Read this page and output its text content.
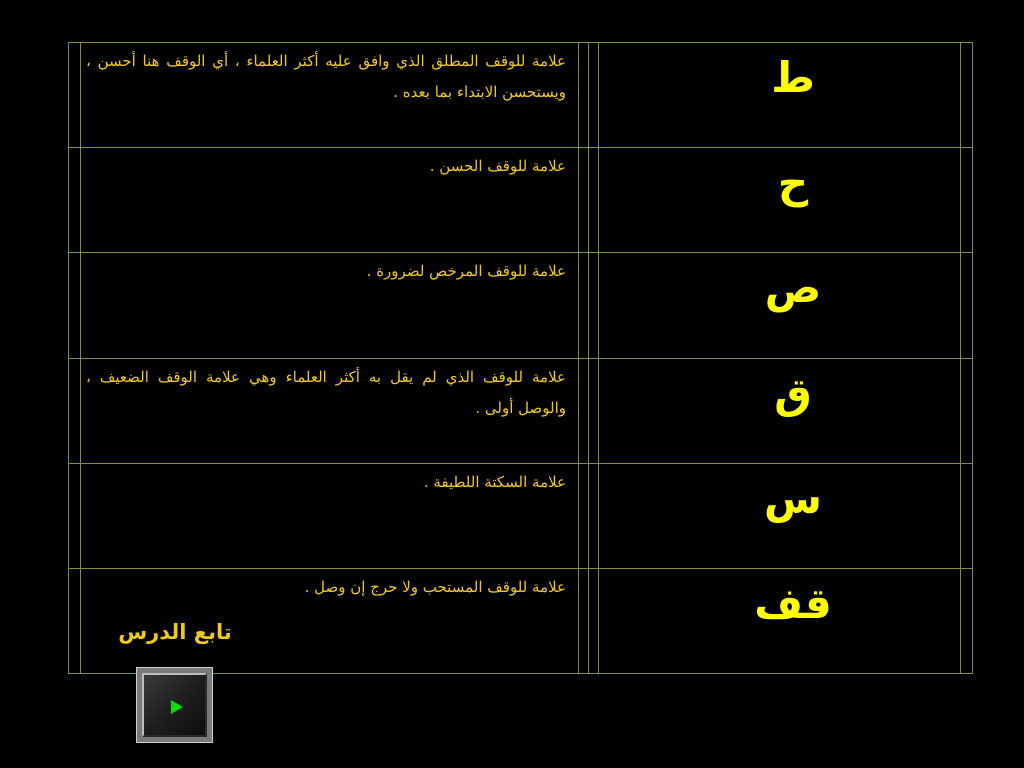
علامة للوقف المطلق الذي وافق عليه أكثر العلماء ، أي الوقف هنا أحسن ، ويستحسن الابتداء بما بعده .	ط
علامة للوقف الحسن .	ح
علامة للوقف المرخص لضرورة .	ص
علامة للوقف الذي لم يقل به أكثر العلماء وهي علامة الوقف الضعيف ، والوصل أولى .	ق
علامة السكتة اللطيفة .	س
علامة للوقف المستحب ولا حرج إن وصل .	قف
تابع الدرس
